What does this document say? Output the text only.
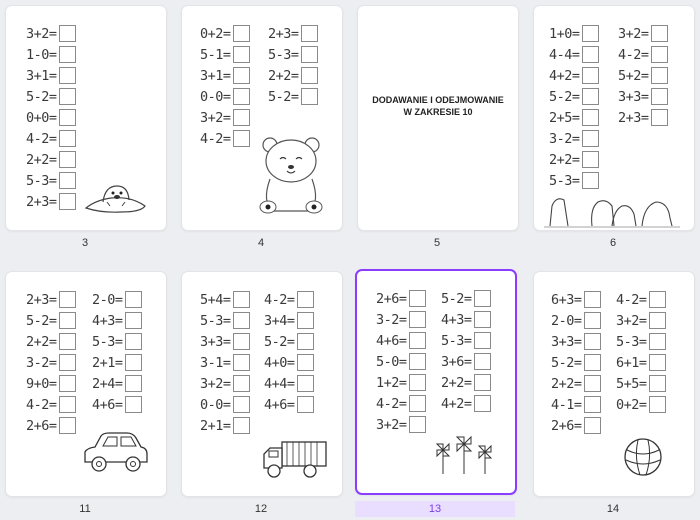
3+2=
1-0=
3+1=
5-2=
0+0=
4-2=
2+2=
5-3=
2+3=
3
0+2=
5-1=
3+1=
0-0=
3+2=
4-2=
2+3=
5-3=
2+2=
5-2=
4
DODAWANIE I ODEJMOWANIE W ZAKRESIE 10
5
1+0=
4-4=
4+2=
5-2=
2+5=
3-2=
2+2=
5-3=
3+2=
4-2=
5+2=
3+3=
2+3=
6
2+3=
5-2=
2+2=
3-2=
9+0=
4-2=
2+6=
2-0=
4+3=
5-3=
2+1=
2+4=
4+6=
11
5+4=
5-3=
3+3=
3-1=
3+2=
0-0=
2+1=
4-2=
3+4=
5-2=
4+0=
4+4=
4+6=
12
2+6=
3-2=
4+6=
5-0=
1+2=
4-2=
3+2=
5-2=
4+3=
5-3=
3+6=
2+2=
4+2=
13
6+3=
2-0=
3+3=
5-2=
2+2=
4-1=
2+6=
4-2=
3+2=
5-3=
6+1=
5+5=
0+2=
14
